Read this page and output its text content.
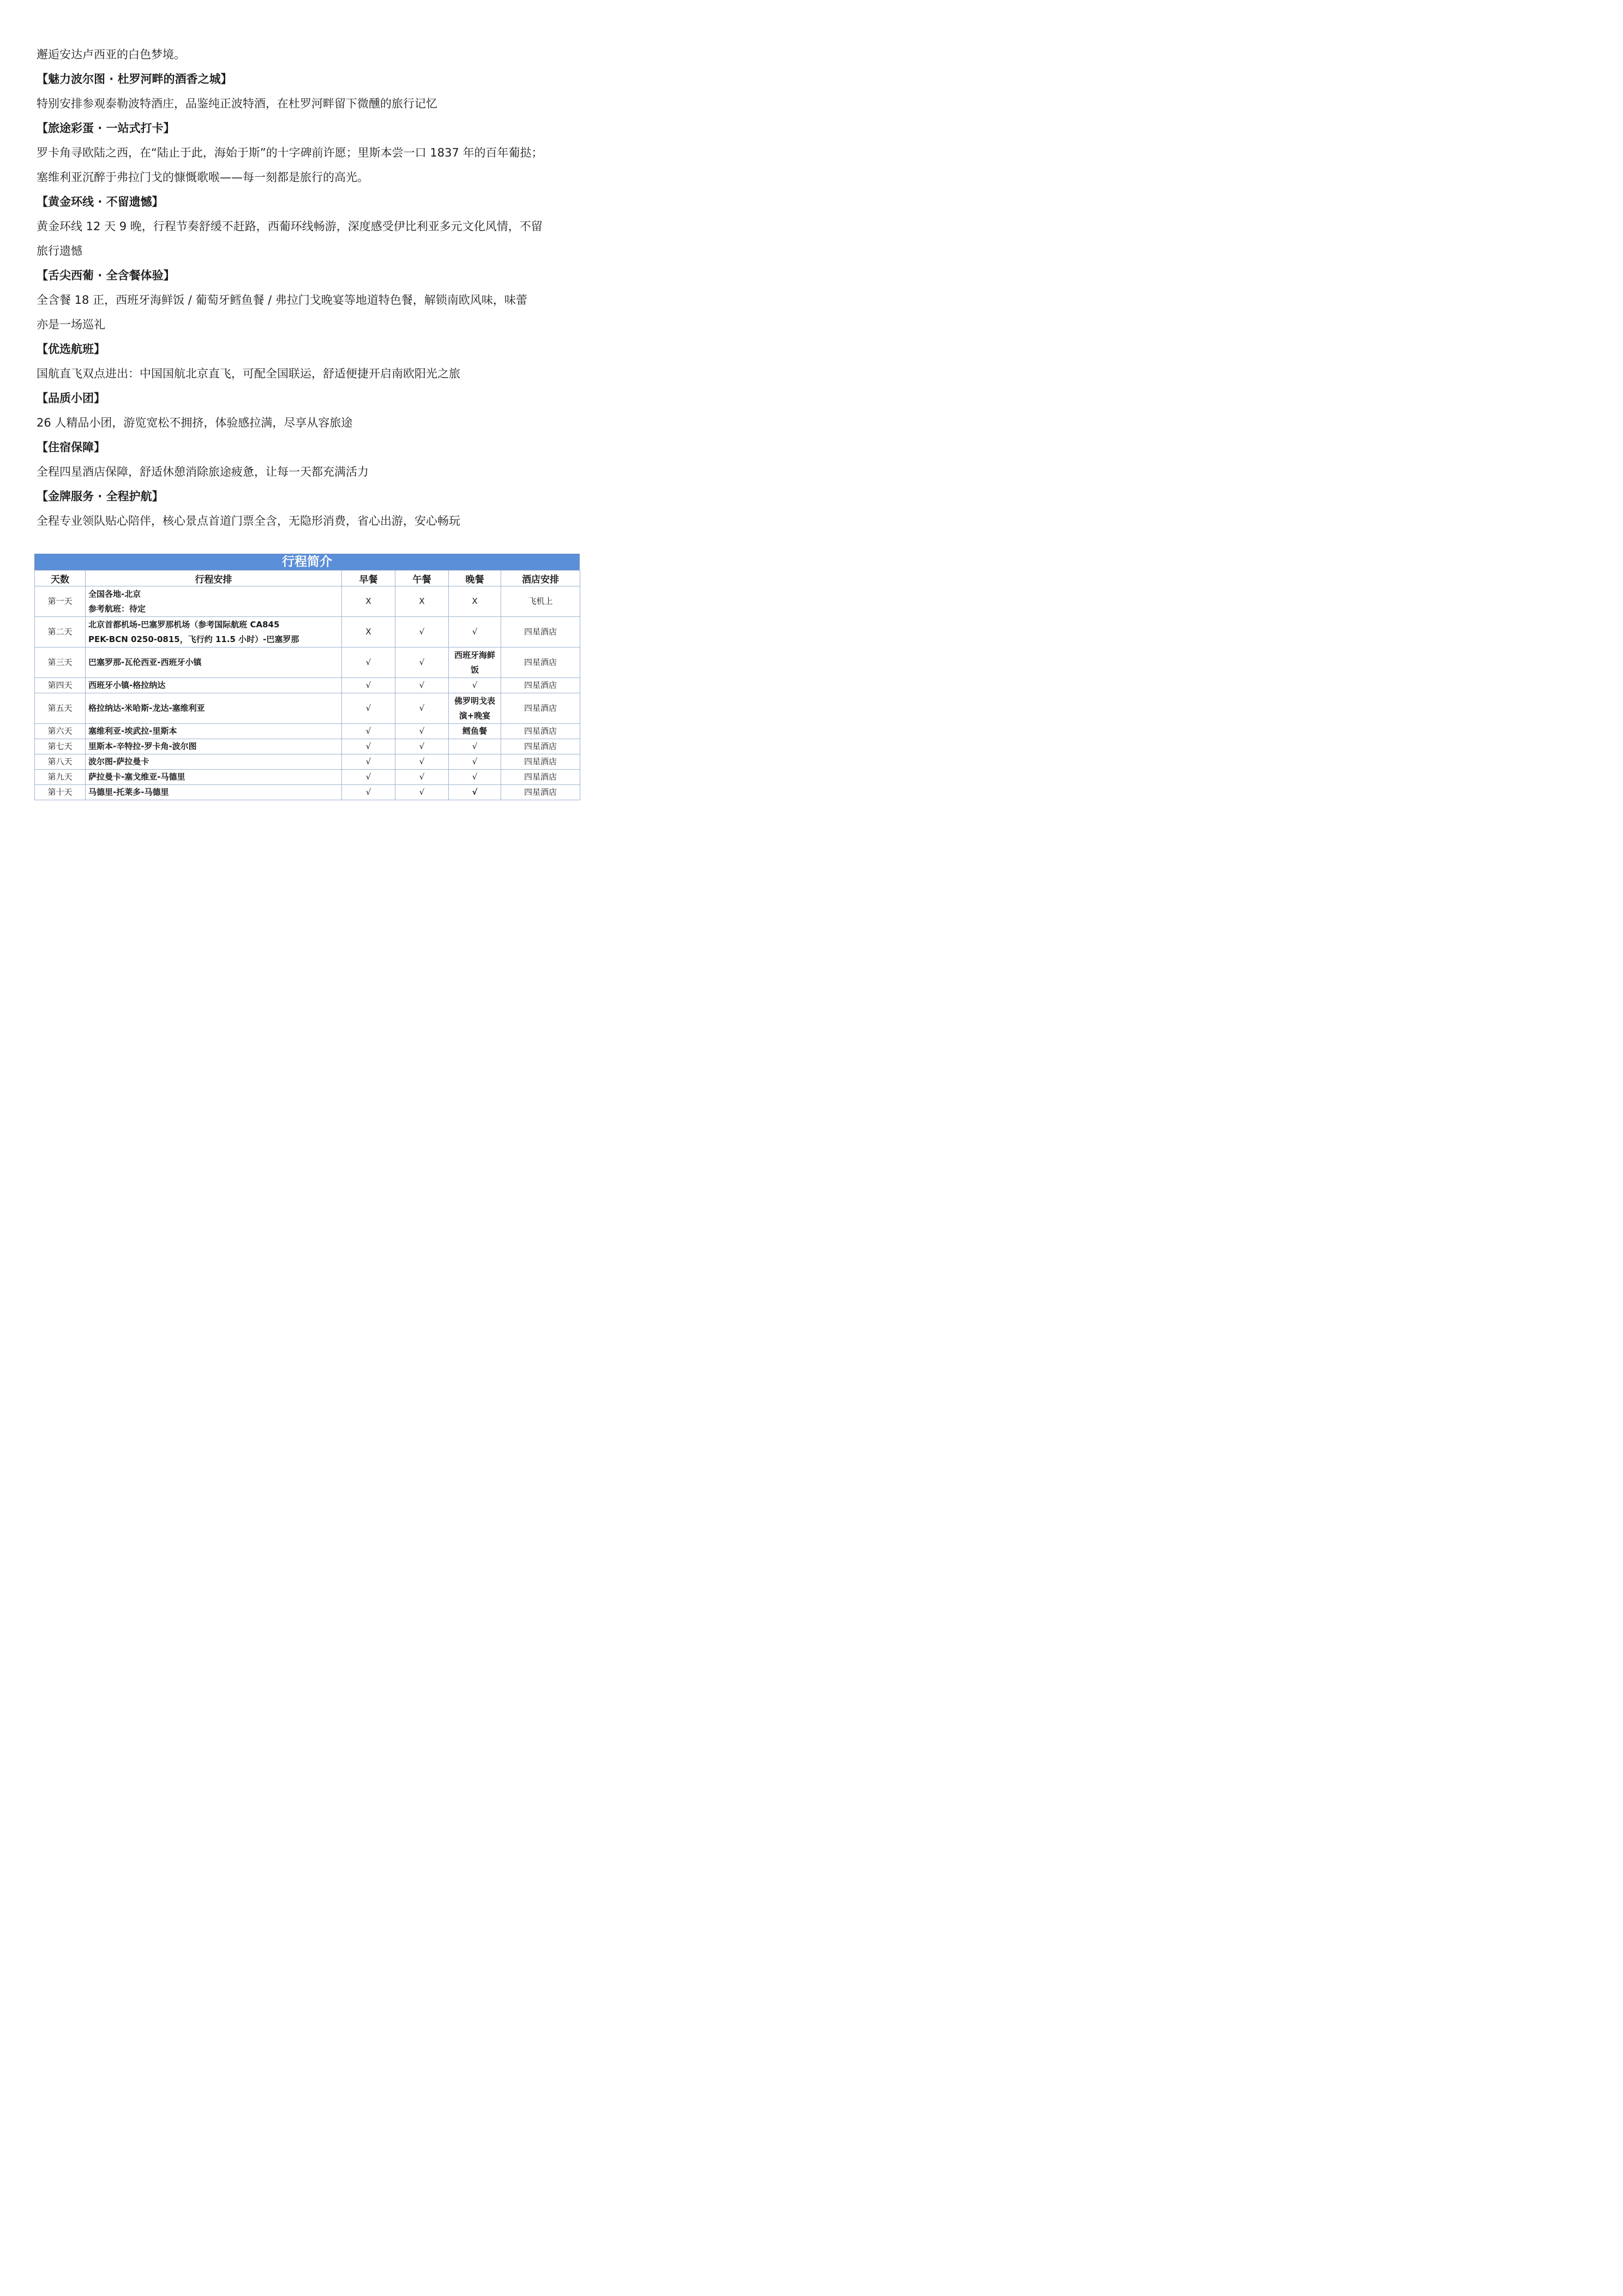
邂逅安达卢西亚的白色梦境。
【魅力波尔图 · 杜罗河畔的酒香之城】
特别安排参观泰勒波特酒庄，品鉴纯正波特酒，在杜罗河畔留下微醺的旅行记忆
【旅途彩蛋 · 一站式打卡】
罗卡角寻欧陆之西，在“陆止于此，海始于斯”的十字碑前许愿；里斯本尝一口 1837 年的百年葡挞；
塞维利亚沉醉于弗拉门戈的慷慨歌喉——每一刻都是旅行的高光。
【黄金环线 · 不留遗憾】
黄金环线 12 天 9 晚，行程节奏舒缓不赶路，西葡环线畅游，深度感受伊比利亚多元文化风情，不留
旅行遗憾
【舌尖西葡 · 全含餐体验】
全含餐 18 正，西班牙海鲜饭 / 葡萄牙鳕鱼餐 / 弗拉门戈晚宴等地道特色餐，解锁南欧风味，味蕾
亦是一场巡礼
【优选航班】
国航直飞双点进出：中国国航北京直飞，可配全国联运，舒适便捷开启南欧阳光之旅
【品质小团】
26 人精品小团，游览宽松不拥挤，体验感拉满，尽享从容旅途
【住宿保障】
全程四星酒店保障，舒适休憩消除旅途疲惫，让每一天都充满活力
【金牌服务 · 全程护航】
全程专业领队贴心陪伴，核心景点首道门票全含，无隐形消费，省心出游，安心畅玩
行程简介
天数	行程安排	早餐	午餐	晚餐	酒店安排
第一天	全国各地-北京
参考航班：待定	X	X	X	飞机上
第二天	北京首都机场-巴塞罗那机场（参考国际航班 CA845
PEK-BCN 0250-0815，飞行约 11.5 小时）-巴塞罗那	X	√	√	四星酒店
第三天	巴塞罗那-瓦伦西亚-西班牙小镇	√	√	西班牙海鲜
饭	四星酒店
第四天	西班牙小镇-格拉纳达	√	√	√	四星酒店
第五天	格拉纳达-米哈斯-龙达-塞维利亚	√	√	佛罗明戈表
演+晚宴	四星酒店
第六天	塞维利亚-埃武拉-里斯本	√	√	鳕鱼餐	四星酒店
第七天	里斯本-辛特拉-罗卡角-波尔图	√	√	√	四星酒店
第八天	波尔图-萨拉曼卡	√	√	√	四星酒店
第九天	萨拉曼卡-塞戈维亚-马德里	√	√	√	四星酒店
第十天	马德里-托莱多-马德里	√	√	√	四星酒店
